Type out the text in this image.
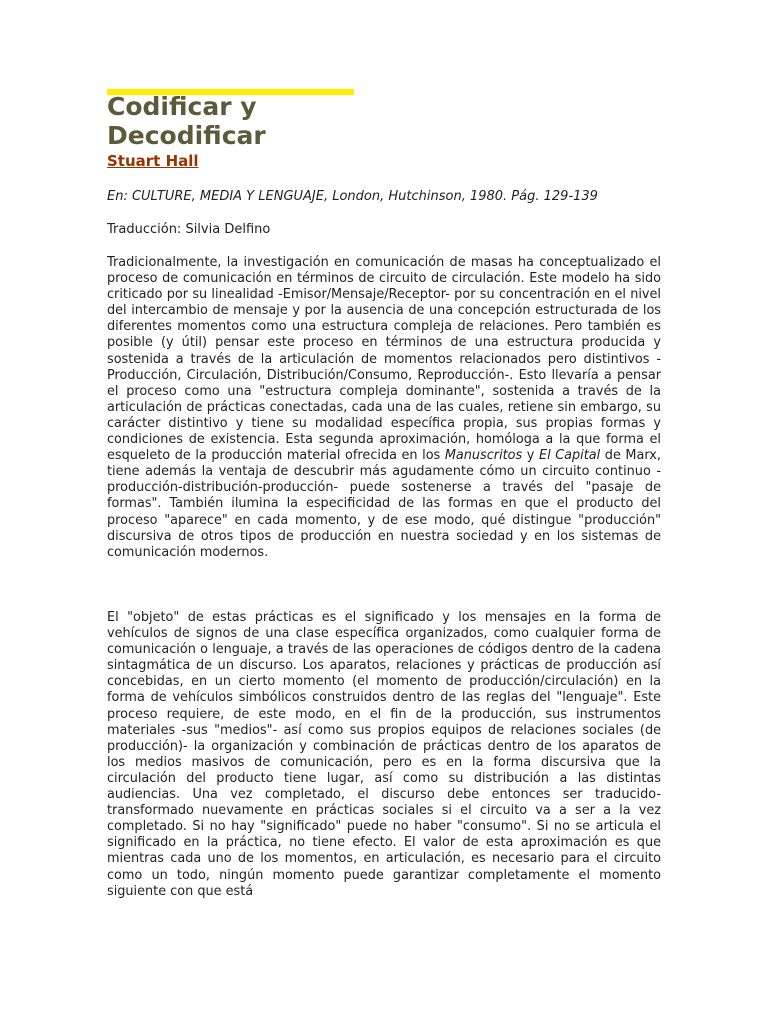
Codificar y
Decodificar
Stuart Hall
En: CULTURE, MEDIA Y LENGUAJE, London, Hutchinson, 1980. Pág. 129-139
Traducción: Silvia Delfino

Tradicionalmente, la investigación en comunicación de masas ha conceptualizado el proceso de comunicación en términos de circuito de circulación. Este modelo ha sido criticado por su linealidad -Emisor/Mensaje/Receptor- por su concentración en el nivel del intercambio de mensaje y por la ausencia de una concepción estructurada de los diferentes momentos como una estructura compleja de relaciones. Pero también es posible (y útil) pensar este proceso en términos de una estructura producida y sostenida a través de la articulación de momentos relacionados pero distintivos -Producción, Circulación, Distribución/Consumo, Reproducción-. Esto llevaría a pensar el proceso como una "estructura compleja dominante", sostenida a través de la articulación de prácticas conectadas, cada una de las cuales, retiene sin embargo, su carácter distintivo y tiene su modalidad específica propia, sus propias formas y condiciones de existencia. Esta segunda aproximación, homóloga a la que forma el esqueleto de la producción material ofrecida en los Manuscritos y El Capital de Marx, tiene además la ventaja de descubrir más agudamente cómo un circuito continuo -producción-distribución-producción- puede sostenerse a través del "pasaje de formas". También ilumina la especificidad de las formas en que el producto del proceso "aparece" en cada momento, y de ese modo, qué distingue "producción" discursiva de otros tipos de producción en nuestra sociedad y en los sistemas de comunicación modernos.

El "objeto" de estas prácticas es el significado y los mensajes en la forma de vehículos de signos de una clase específica organizados, como cualquier forma de comunicación o lenguaje, a través de las operaciones de códigos dentro de la cadena sintagmática de un discurso. Los aparatos, relaciones y prácticas de producción así concebidas, en un cierto momento (el momento de producción/circulación) en la forma de vehículos simbólicos construidos dentro de las reglas del "lenguaje". Este proceso requiere, de este modo, en el fin de la producción, sus instrumentos materiales -sus "medios"- así como sus propios equipos de relaciones sociales (de producción)- la organización y combinación de prácticas dentro de los aparatos de los medios masivos de comunicación, pero es en la forma discursiva que la circulación del producto tiene lugar, así como su distribución a las distintas audiencias. Una vez completado, el discurso debe entonces ser traducido-transformado nuevamente en prácticas sociales si el circuito va a ser a la vez completado. Si no hay "significado" puede no haber "consumo". Si no se articula el significado en la práctica, no tiene efecto. El valor de esta aproximación es que mientras cada uno de los momentos, en articulación, es necesario para el circuito como un todo, ningún momento puede garantizar completamente el momento siguiente con que está
